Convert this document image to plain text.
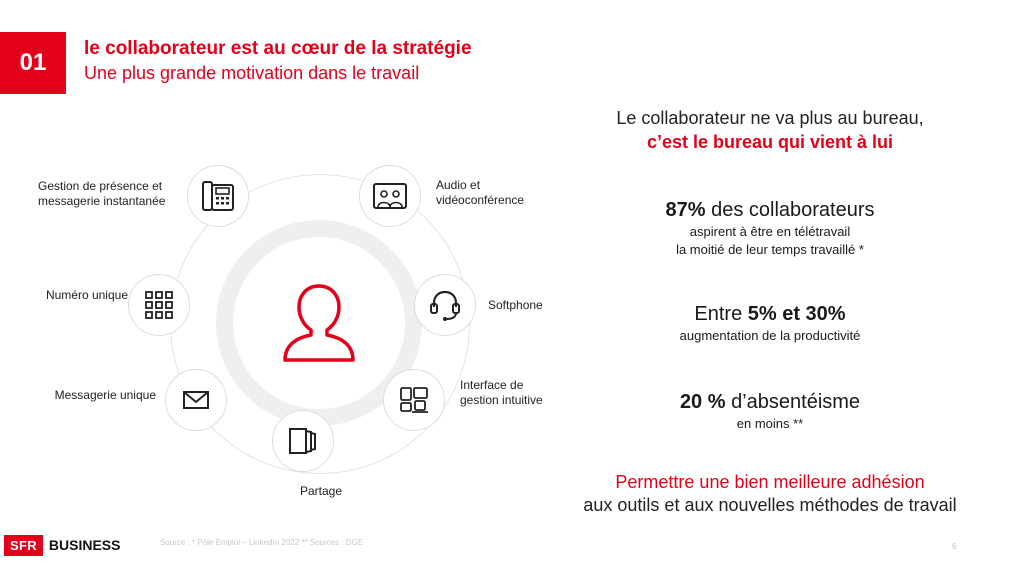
01
le collaborateur est au cœur de la stratégie
Une plus grande motivation dans le travail
Gestion de présence et messagerie instantanée
Audio et vidéoconférence
Softphone
Interface de gestion intuitive
Partage
Messagerie unique
Numéro unique
Le collaborateur ne va plus au bureau,
c’est le bureau qui vient à lui
87% des collaborateurs
aspirent à être en télétravail
la moitié de leur temps travaillé *
Entre 5% et 30%
augmentation de la productivité
20 % d’absentéisme
en moins **
Permettre une bien meilleure adhésion
aux outils et aux nouvelles méthodes de travail
SFR BUSINESS	Source : * Pôle Emploi – LinkedIn 2022 ** Sources : DGE	6
